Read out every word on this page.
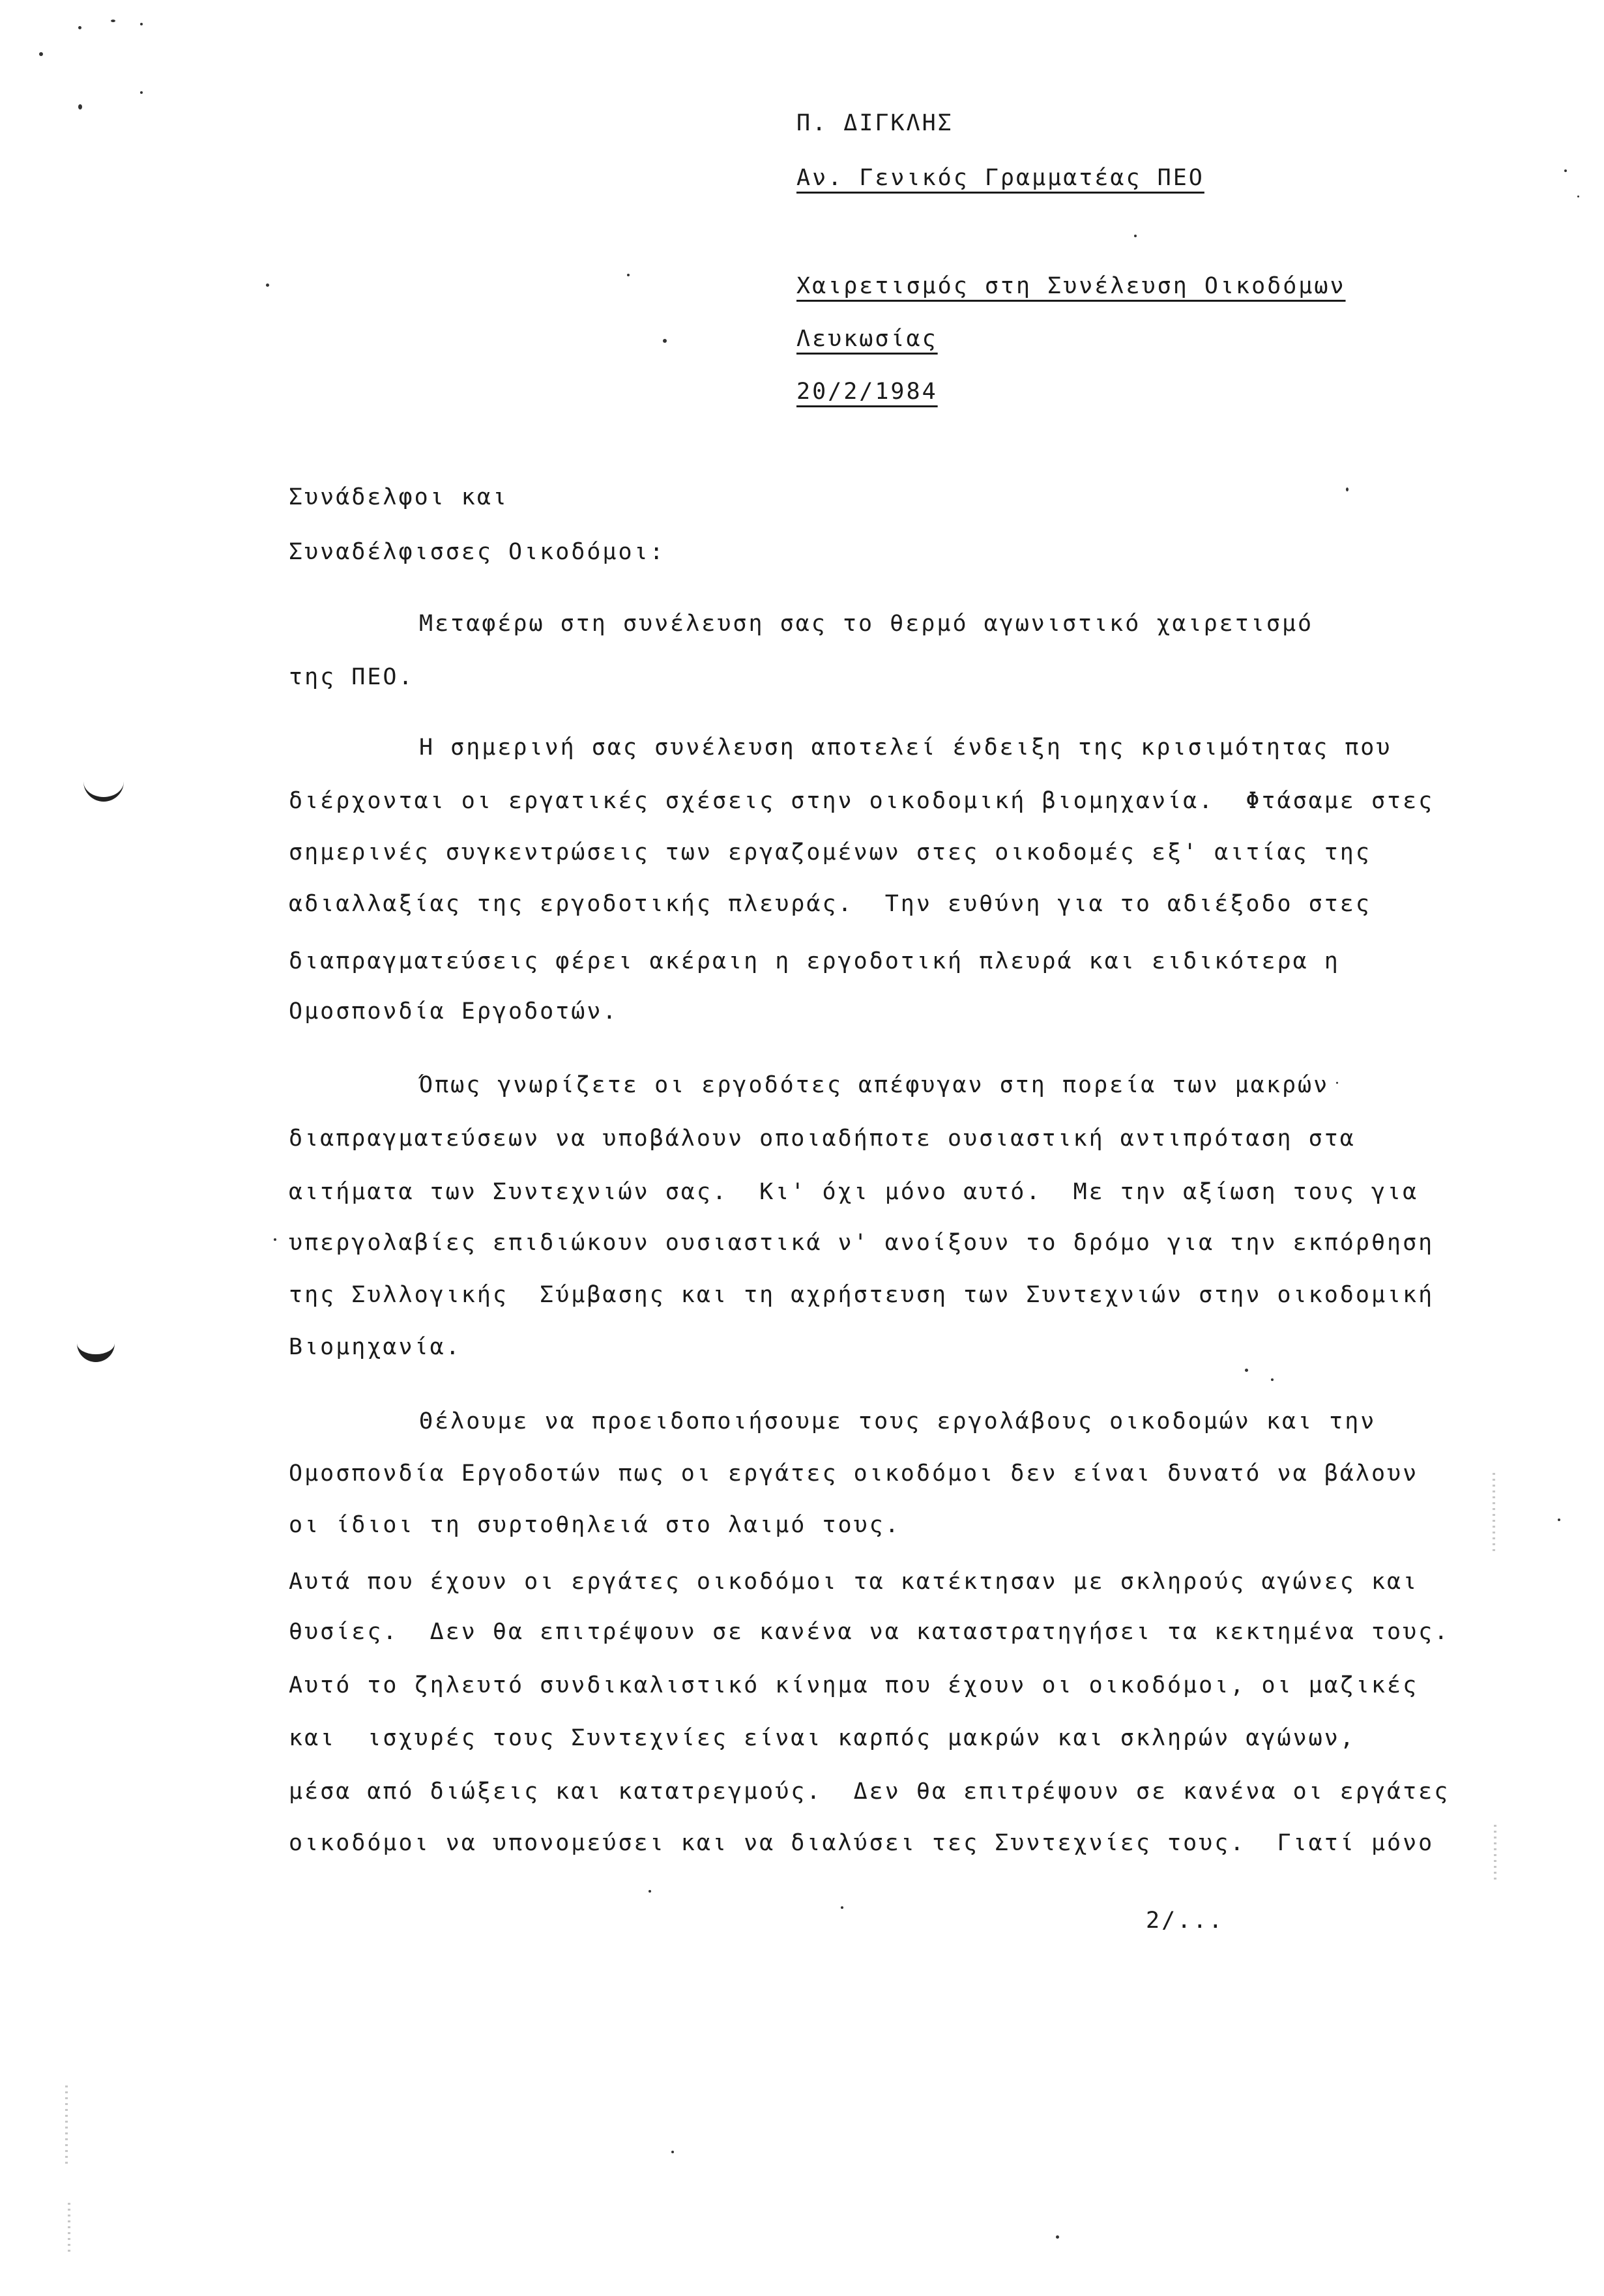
Π. ΔΙΓΚΛΗΣ
Αν. Γενικός Γραμματέας ΠΕΟ
Χαιρετισμός στη Συνέλευση Οικοδόμων
Λευκωσίας
20/2/1984
Συνάδελφοι και
Συναδέλφισσες Οικοδόμοι:
Μεταφέρω στη συνέλευση σας το θερμό αγωνιστικό χαιρετισμό
της ΠΕΟ.
Η σημερινή σας συνέλευση αποτελεί ένδειξη της κρισιμότητας που
διέρχονται οι εργατικές σχέσεις στην οικοδομική βιομηχανία.  Φτάσαμε στες
σημερινές συγκεντρώσεις των εργαζομένων στες οικοδομές εξ' αιτίας της
αδιαλλαξίας της εργοδοτικής πλευράς.  Την ευθύνη για το αδιέξοδο στες
διαπραγματεύσεις φέρει ακέραιη η εργοδοτική πλευρά και ειδικότερα η
Ομοσπονδία Εργοδοτών.
Όπως γνωρίζετε οι εργοδότες απέφυγαν στη πορεία των μακρών
διαπραγματεύσεων να υποβάλουν οποιαδήποτε ουσιαστική αντιπρόταση στα
αιτήματα των Συντεχνιών σας.  Κι' όχι μόνο αυτό.  Με την αξίωση τους για
υπεργολαβίες επιδιώκουν ουσιαστικά ν' ανοίξουν το δρόμο για την εκπόρθηση
της Συλλογικής  Σύμβασης και τη αχρήστευση των Συντεχνιών στην οικοδομική
Βιομηχανία.
Θέλουμε να προειδοποιήσουμε τους εργολάβους οικοδομών και την
Ομοσπονδία Εργοδοτών πως οι εργάτες οικοδόμοι δεν είναι δυνατό να βάλουν
οι ίδιοι τη συρτοθηλειά στο λαιμό τους.
Αυτά που έχουν οι εργάτες οικοδόμοι τα κατέκτησαν με σκληρούς αγώνες και
θυσίες.  Δεν θα επιτρέψουν σε κανένα να καταστρατηγήσει τα κεκτημένα τους.
Αυτό το ζηλευτό συνδικαλιστικό κίνημα που έχουν οι οικοδόμοι, οι μαζικές
και  ισχυρές τους Συντεχνίες είναι καρπός μακρών και σκληρών αγώνων,
μέσα από διώξεις και κατατρεγμούς.  Δεν θα επιτρέψουν σε κανένα οι εργάτες
οικοδόμοι να υπονομεύσει και να διαλύσει τες Συντεχνίες τους.  Γιατί μόνο
2/...
